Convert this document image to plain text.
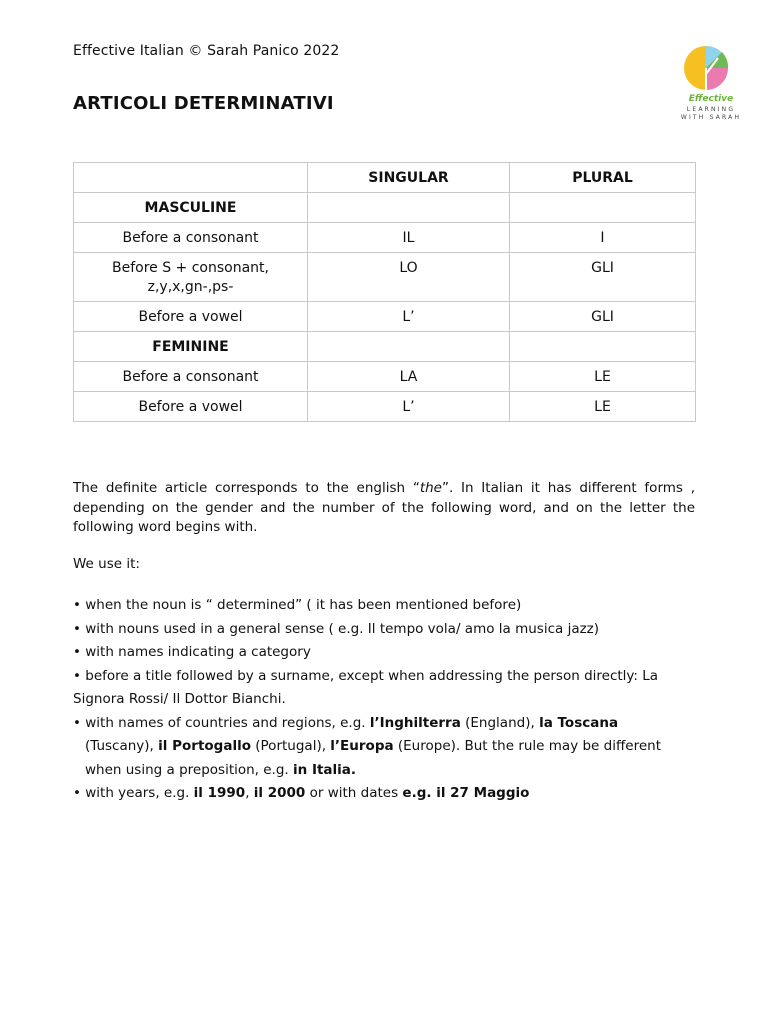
Effective Italian © Sarah Panico 2022
ARTICOLI DETERMINATIVI	Effective
LEARNING
WITH SARAH
	SINGULAR	PLURAL
MASCULINE		
Before a consonant	IL	I

Before S + consonant,
z,y,x,gn-,ps-	LO	GLI
Before a vowel	L’	GLI
FEMININE		
Before a consonant	LA	LE
Before a vowel	L’	LE

The definite article corresponds to the english “the”. In Italian it has different forms , depending on the gender and the number of the following word, and on the letter the following word begins with.

We use it:

• when the noun is “ determined” ( it has been mentioned before)
• with nouns used in a general sense ( e.g. Il tempo vola/ amo la musica jazz)
• with names indicating a category
• before a title followed by a surname, except when addressing the person directly: La Signora Rossi/ Il Dottor Bianchi.
• with names of countries and regions, e.g. l’Inghilterra (England), la Toscana
(Tuscany), il Portogallo (Portugal), l’Europa (Europe). But the rule may be different
when using a preposition, e.g. in Italia.
• with years, e.g. il 1990, il 2000 or with dates e.g. il 27 Maggio
